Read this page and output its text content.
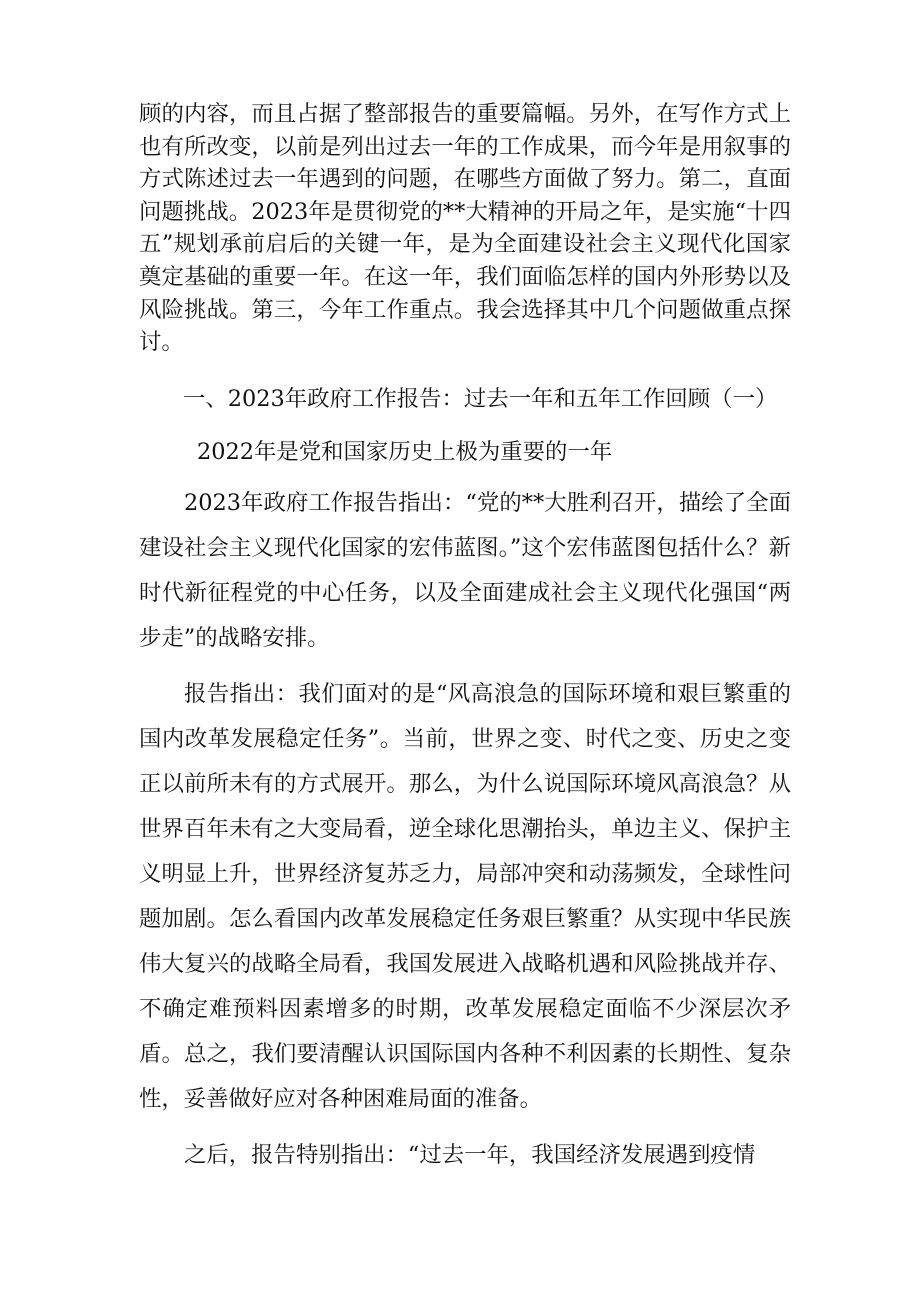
顾的内容，而且占据了整部报告的重要篇幅。另外，在写作方式上也有所改变，以前是列出过去一年的工作成果，而今年是用叙事的方式陈述过去一年遇到的问题，在哪些方面做了努力。第二，直面问题挑战。2023年是贯彻党的**大精神的开局之年，是实施“十四五”规划承前启后的关键一年，是为全面建设社会主义现代化国家奠定基础的重要一年。在这一年，我们面临怎样的国内外形势以及风险挑战。第三，今年工作重点。我会选择其中几个问题做重点探讨。

一、2023年政府工作报告：过去一年和五年工作回顾（一）

2022年是党和国家历史上极为重要的一年

2023年政府工作报告指出：“党的**大胜利召开，描绘了全面建设社会主义现代化国家的宏伟蓝图。”这个宏伟蓝图包括什么？新时代新征程党的中心任务，以及全面建成社会主义现代化强国“两步走”的战略安排。

报告指出：我们面对的是“风高浪急的国际环境和艰巨繁重的国内改革发展稳定任务”。当前，世界之变、时代之变、历史之变正以前所未有的方式展开。那么，为什么说国际环境风高浪急？从世界百年未有之大变局看，逆全球化思潮抬头，单边主义、保护主义明显上升，世界经济复苏乏力，局部冲突和动荡频发，全球性问题加剧。怎么看国内改革发展稳定任务艰巨繁重？从实现中华民族伟大复兴的战略全局看，我国发展进入战略机遇和风险挑战并存、不确定难预料因素增多的时期，改革发展稳定面临不少深层次矛盾。总之，我们要清醒认识国际国内各种不利因素的长期性、复杂性，妥善做好应对各种困难局面的准备。

之后，报告特别指出：“过去一年，我国经济发展遇到疫情
